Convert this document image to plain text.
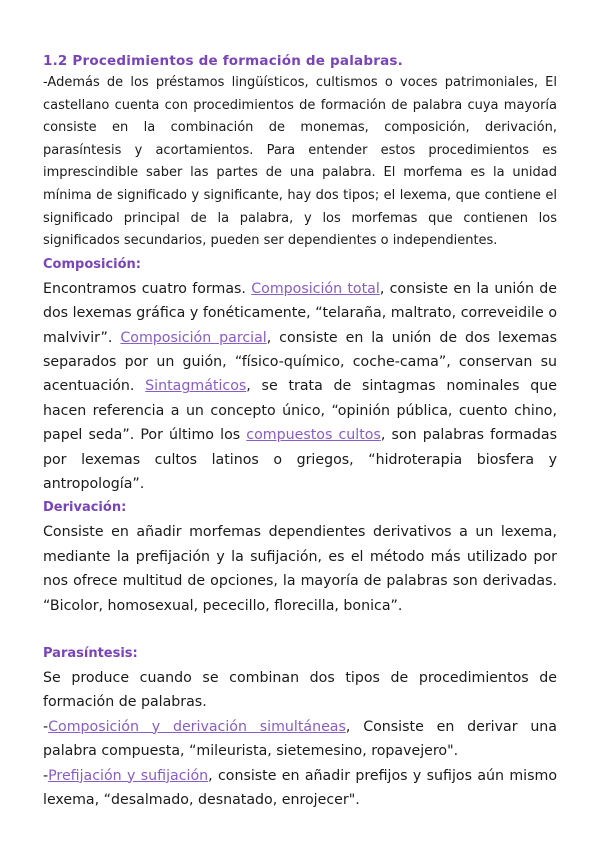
1.2 Procedimientos de formación de palabras.

-Además de los préstamos lingüísticos, cultismos o voces patrimoniales, El castellano cuenta con procedimientos de formación de palabra cuya mayoría consiste en la combinación de monemas, composición, derivación, parasíntesis y acortamientos. Para entender estos procedimientos es imprescindible saber las partes de una palabra. El morfema es la unidad mínima de significado y significante, hay dos tipos; el lexema, que contiene el significado principal de la palabra, y los morfemas que contienen los significados secundarios, pueden ser dependientes o independientes.

Composición:

Encontramos cuatro formas. Composición total, consiste en la unión de dos lexemas gráfica y fonéticamente, “telaraña, maltrato, correveidile o malvivir”. Composición parcial, consiste en la unión de dos lexemas separados por un guión, “físico-químico, coche-cama”, conservan su acentuación. Sintagmáticos, se trata de sintagmas nominales que hacen referencia a un concepto único, “opinión pública, cuento chino, papel seda”. Por último los compuestos cultos, son palabras formadas por lexemas cultos latinos o griegos, “hidroterapia biosfera y antropología”.

Derivación:

Consiste en añadir morfemas dependientes derivativos a un lexema, mediante la prefijación y la sufijación, es el método más utilizado por nos ofrece multitud de opciones, la mayoría de palabras son derivadas. “Bicolor, homosexual, pececillo, florecilla, bonica”.

Parasíntesis:

Se produce cuando se combinan dos tipos de procedimientos de formación de palabras.

-Composición y derivación simultáneas, Consiste en derivar una palabra compuesta, “mileurista, sietemesino, ropavejero".

-Prefijación y sufijación, consiste en añadir prefijos y sufijos aún mismo lexema, “desalmado, desnatado, enrojecer".
